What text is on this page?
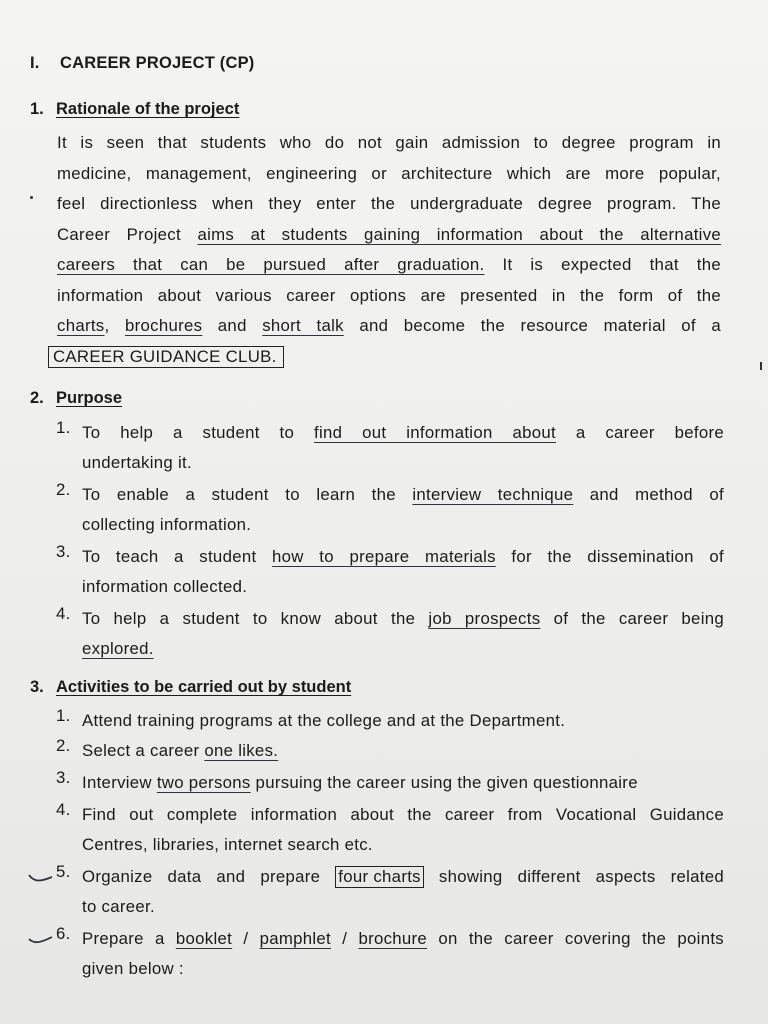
I. CAREER PROJECT (CP)
1. Rationale of the project
It is seen that students who do not gain admission to degree program in
medicine, management, engineering or architecture which are more popular,
feel directionless when they enter the undergraduate degree program. The
Career Project aims at students gaining information about the alternative
careers that can be pursued after graduation. It is expected that the
information about various career options are presented in the form of the
charts, brochures and short talk and become the resource material of a
CAREER GUIDANCE CLUB.
2. Purpose
1. To help a student to find out information about a career before
undertaking it.
2. To enable a student to learn the interview technique and method of
collecting information.
3. To teach a student how to prepare materials for the dissemination of
information collected.
4. To help a student to know about the job prospects of the career being
explored.
3. Activities to be carried out by student
1. Attend training programs at the college and at the Department.
2. Select a career one likes.
3. Interview two persons pursuing the career using the given questionnaire
4. Find out complete information about the career from Vocational Guidance
Centres, libraries, internet search etc.
5. Organize data and prepare four charts showing different aspects related
to career.
6. Prepare a booklet / pamphlet / brochure on the career covering the points
given below :
